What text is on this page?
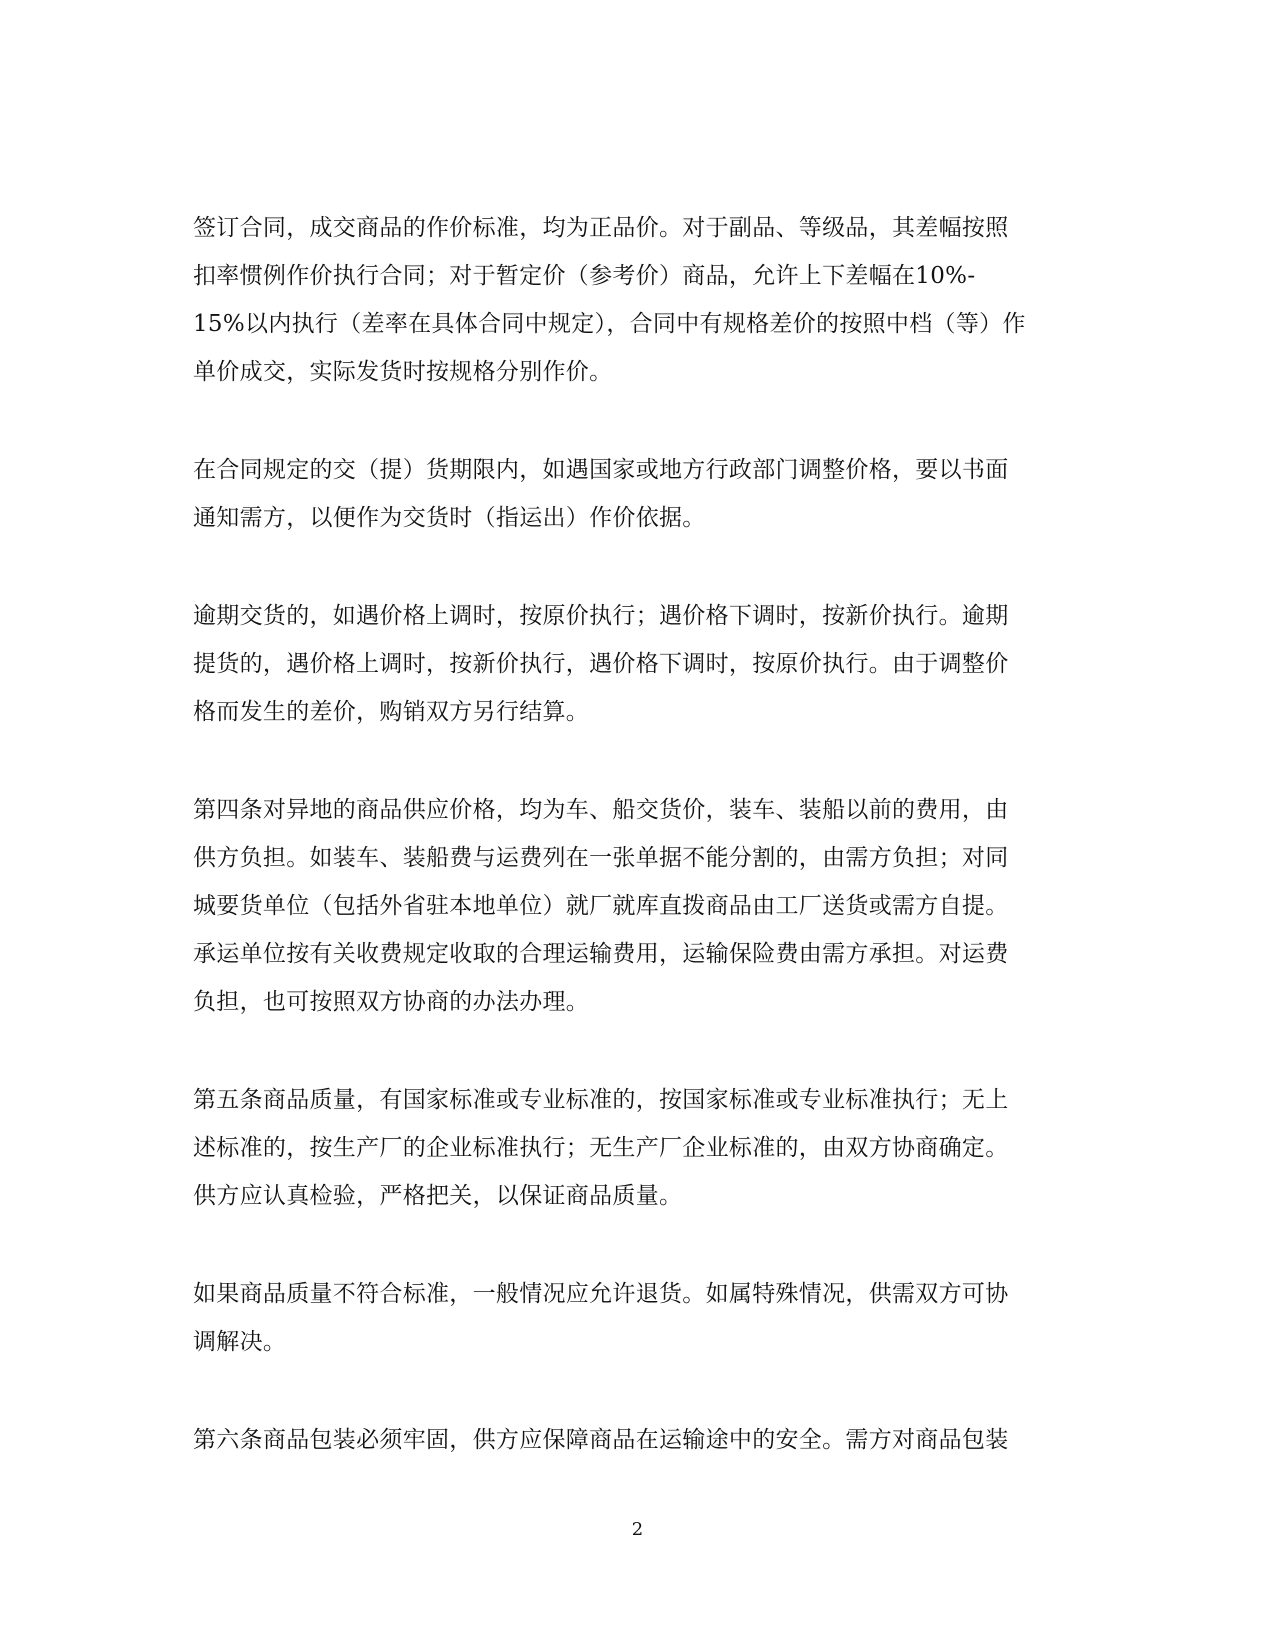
签订合同，成交商品的作价标准，均为正品价。对于副品、等级品，其差幅按照
扣率惯例作价执行合同；对于暂定价（参考价）商品，允许上下差幅在10%-
15%以内执行（差率在具体合同中规定），合同中有规格差价的按照中档（等）作
单价成交，实际发货时按规格分别作价。
在合同规定的交（提）货期限内，如遇国家或地方行政部门调整价格，要以书面
通知需方，以便作为交货时（指运出）作价依据。
逾期交货的，如遇价格上调时，按原价执行；遇价格下调时，按新价执行。逾期
提货的，遇价格上调时，按新价执行，遇价格下调时，按原价执行。由于调整价
格而发生的差价，购销双方另行结算。
第四条对异地的商品供应价格，均为车、船交货价，装车、装船以前的费用，由
供方负担。如装车、装船费与运费列在一张单据不能分割的，由需方负担；对同
城要货单位（包括外省驻本地单位）就厂就库直拨商品由工厂送货或需方自提。
承运单位按有关收费规定收取的合理运输费用，运输保险费由需方承担。对运费
负担，也可按照双方协商的办法办理。
第五条商品质量，有国家标准或专业标准的，按国家标准或专业标准执行；无上
述标准的，按生产厂的企业标准执行；无生产厂企业标准的，由双方协商确定。
供方应认真检验，严格把关，以保证商品质量。
如果商品质量不符合标准，一般情况应允许退货。如属特殊情况，供需双方可协
调解决。
第六条商品包装必须牢固，供方应保障商品在运输途中的安全。需方对商品包装
2
